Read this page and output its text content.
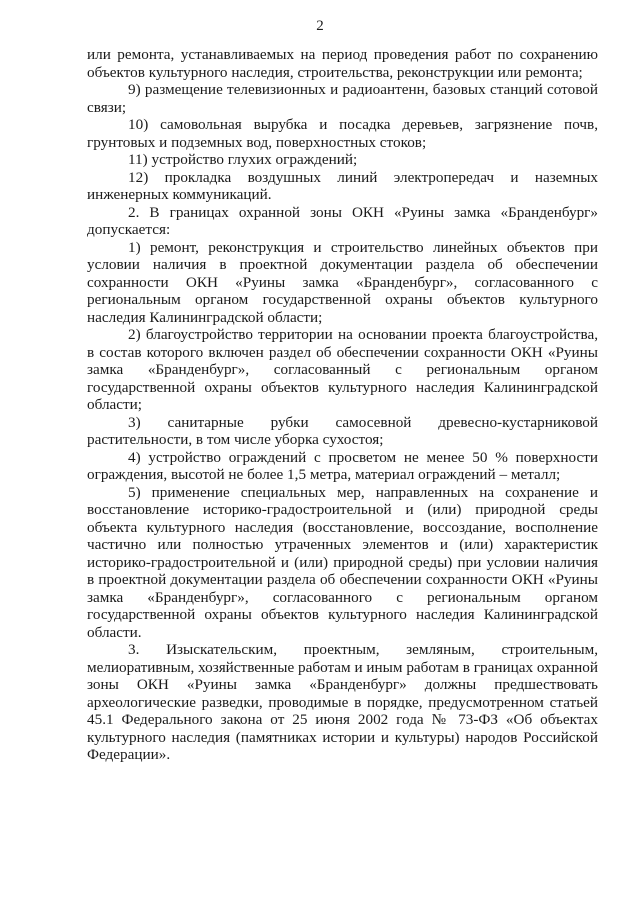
2

или ремонта, устанавливаемых на период проведения работ по сохранению объектов культурного наследия, строительства, реконструкции или ремонта;

9) размещение телевизионных и радиоантенн, базовых станций сотовой связи;

10) самовольная вырубка и посадка деревьев, загрязнение почв, грунтовых и подземных вод, поверхностных стоков;

11) устройство глухих ограждений;

12) прокладка воздушных линий электропередач и наземных инженерных коммуникаций.

2. В границах охранной зоны ОКН «Руины замка «Бранденбург» допускается:

1) ремонт, реконструкция и строительство линейных объектов при условии наличия в проектной документации раздела об обеспечении сохранности ОКН «Руины замка «Бранденбург», согласованного с региональным органом государственной охраны объектов культурного наследия Калининградской области;

2) благоустройство территории на основании проекта благоустройства, в состав которого включен раздел об обеспечении сохранности ОКН «Руины замка «Бранденбург», согласованный с региональным органом государственной охраны объектов культурного наследия Калининградской области;

3) санитарные рубки самосевной древесно-кустарниковой растительности, в том числе уборка сухостоя;

4) устройство ограждений с просветом не менее 50 % поверхности ограждения, высотой не более 1,5 метра, материал ограждений – металл;

5) применение специальных мер, направленных на сохранение и восстановление историко-градостроительной и (или) природной среды объекта культурного наследия (восстановление, воссоздание, восполнение частично или полностью утраченных элементов и (или) характеристик историко-градостроительной и (или) природной среды) при условии наличия в проектной документации раздела об обеспечении сохранности ОКН «Руины замка «Бранденбург», согласованного с региональным органом государственной охраны объектов культурного наследия Калининградской области.

3. Изыскательским, проектным, земляным, строительным, мелиоративным, хозяйственные работам и иным работам в границах охранной зоны ОКН «Руины замка «Бранденбург» должны предшествовать археологические разведки, проводимые в порядке, предусмотренном статьей 45.1 Федерального закона от 25 июня 2002 года № 73-ФЗ «Об объектах культурного наследия (памятниках истории и культуры) народов Российской Федерации».
